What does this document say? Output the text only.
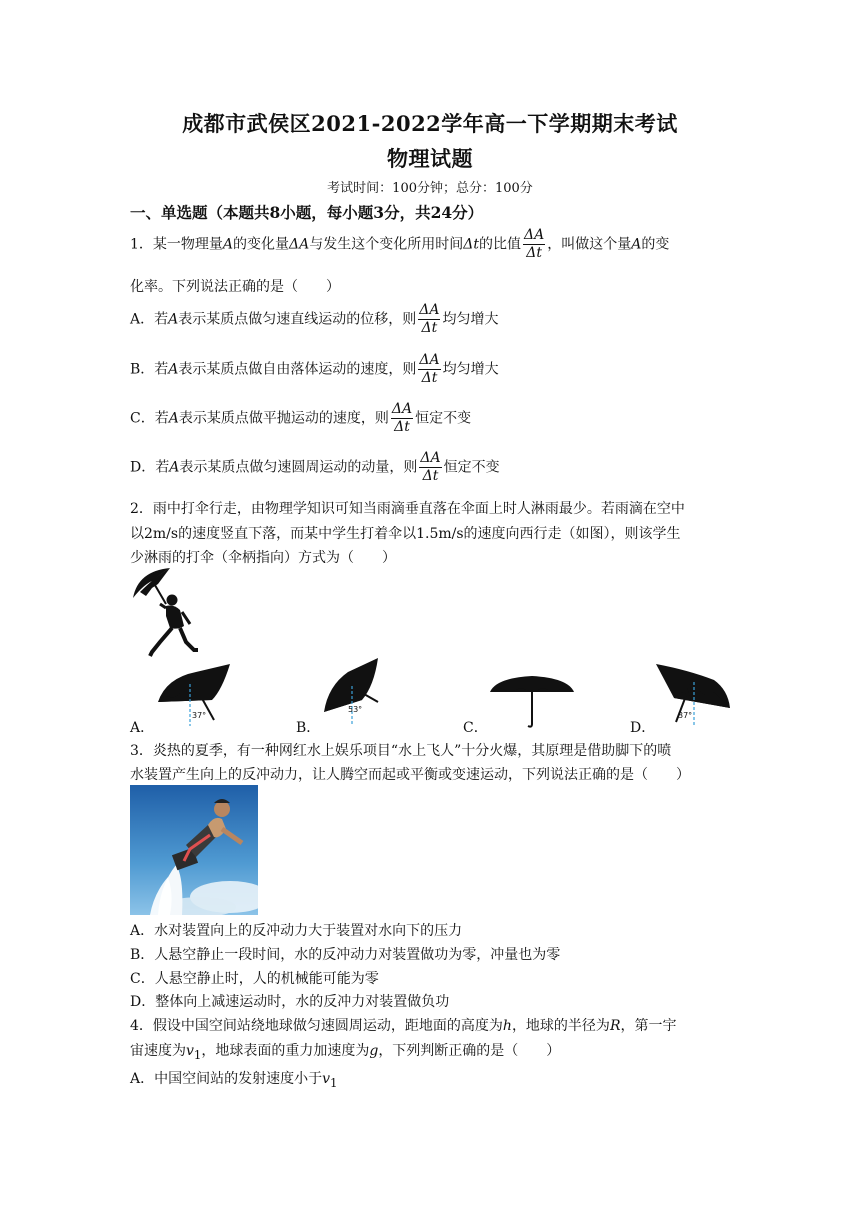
成都市武侯区2021-2022学年高一下学期期末考试
物理试题
考试时间：100分钟；总分：100分
一、单选题（本题共8小题，每小题3分，共24分）
1．某一物理量A的变化量ΔA与发生这个变化所用时间Δt的比值 $\frac{\Delta A}{\Delta t}$ ，叫做这个量A的变
化率。下列说法正确的是（　　）
A．若A表示某质点做匀速直线运动的位移，则 $\frac{\Delta A}{\Delta t}$ 均匀增大
B．若A表示某质点做自由落体运动的速度，则 $\frac{\Delta A}{\Delta t}$ 均匀增大
C．若A表示某质点做平抛运动的速度，则 $\frac{\Delta A}{\Delta t}$ 恒定不变
D．若A表示某质点做匀速圆周运动的动量，则 $\frac{\Delta A}{\Delta t}$ 恒定不变
2．雨中打伞行走，由物理学知识可知当雨滴垂直落在伞面上时人淋雨最少。若雨滴在空中
以2m/s的速度竖直下落，而某中学生打着伞以1.5m/s的速度向西行走（如图），则该学生
少淋雨的打伞（伞柄指向）方式为（　　）
A．
37°
B．
53°
C．	D．
37°
3．炎热的夏季，有一种网红水上娱乐项目“水上飞人”十分火爆，其原理是借助脚下的喷
水装置产生向上的反冲动力，让人腾空而起或平衡或变速运动，下列说法正确的是（　　）
A．水对装置向上的反冲动力大于装置对水向下的压力
B．人悬空静止一段时间，水的反冲动力对装置做功为零，冲量也为零
C．人悬空静止时，人的机械能可能为零
D．整体向上减速运动时，水的反冲力对装置做负功
4．假设中国空间站绕地球做匀速圆周运动，距地面的高度为h，地球的半径为R，第一宇
宙速度为$v_1$，地球表面的重力加速度为g，下列判断正确的是（　　）
A．中国空间站的发射速度小于$v_1$
